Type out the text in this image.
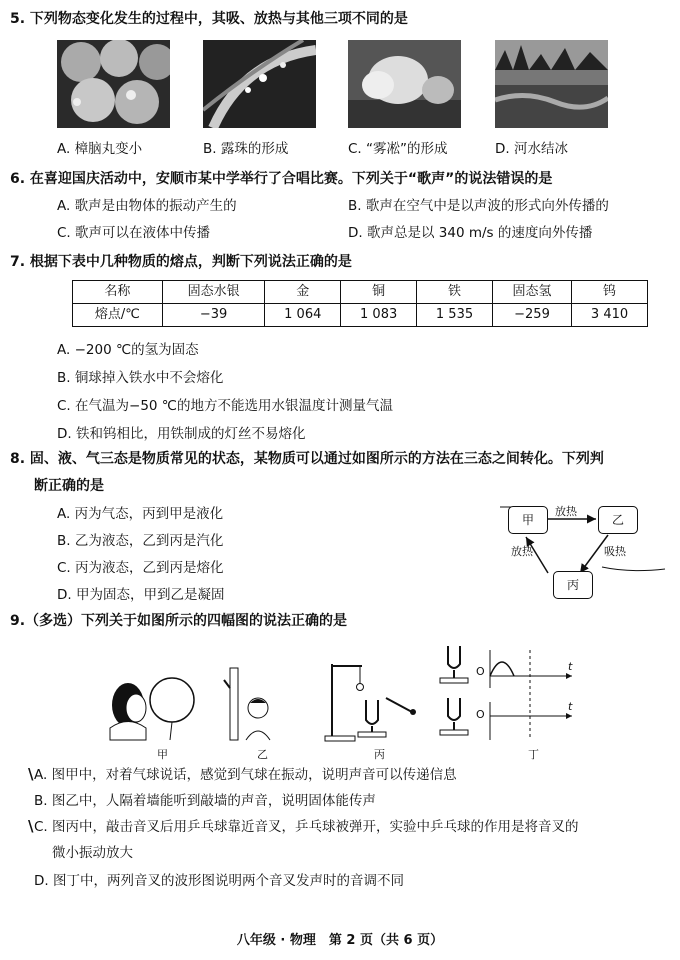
5. 下列物态变化发生的过程中，其吸、放热与其他三项不同的是
A. 樟脑丸变小	B. 露珠的形成	C. “雾凇”的形成	D. 河水结冰
6. 在喜迎国庆活动中，安顺市某中学举行了合唱比赛。下列关于“歌声”的说法错误的是
A. 歌声是由物体的振动产生的	B. 歌声在空气中是以声波的形式向外传播的
C. 歌声可以在液体中传播	D. 歌声总是以 340 m/s 的速度向外传播
7. 根据下表中几种物质的熔点，判断下列说法正确的是
名称	固态水银	金	铜	铁	固态氢	钨
熔点/℃	−39	1 064	1 083	1 535	−259	3 410
A. −200 ℃的氢为固态
B. 铜球掉入铁水中不会熔化
C. 在气温为−50 ℃的地方不能选用水银温度计测量气温
D. 铁和钨相比，用铁制成的灯丝不易熔化
8. 固、液、气三态是物质常见的状态，某物质可以通过如图所示的方法在三态之间转化。下列判
断正确的是
A. 丙为气态，丙到甲是液化
B. 乙为液态，乙到丙是汽化
C. 丙为液态，乙到丙是熔化
D. 甲为固态，甲到乙是凝固
甲	乙
丙
放热
放热	吸热
9.（多选）下列关于如图所示的四幅图的说法正确的是
O
O
t
t
甲	乙	丙	丁
\
\
A. 图甲中，对着气球说话，感觉到气球在振动，说明声音可以传递信息
B. 图乙中，人隔着墙能听到敲墙的声音，说明固体能传声
C. 图丙中，敲击音叉后用乒乓球靠近音叉，乒乓球被弹开，实验中乒乓球的作用是将音叉的
微小振动放大
D. 图丁中，两列音叉的波形图说明两个音叉发声时的音调不同
八年级 · 物理　第 2 页（共 6 页）
